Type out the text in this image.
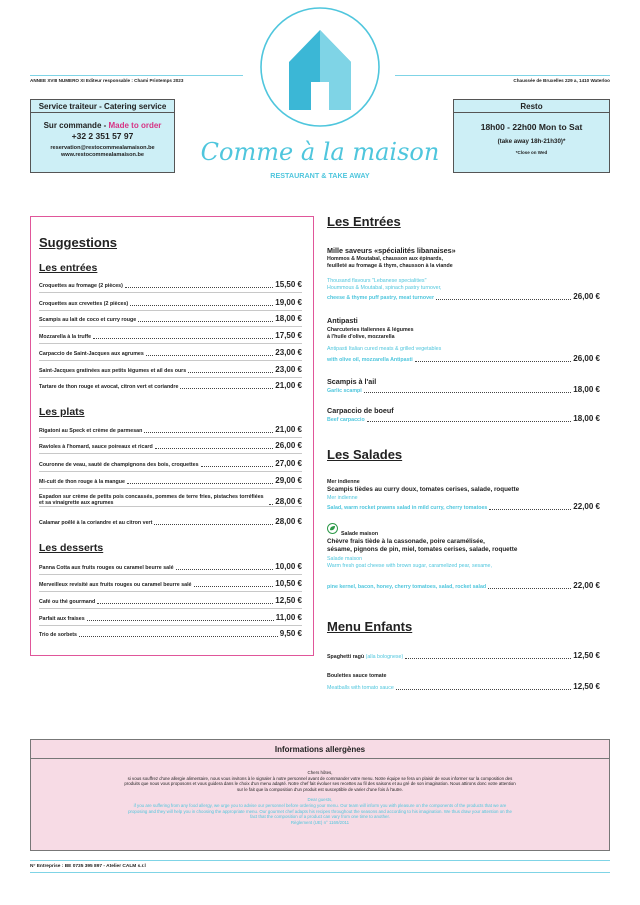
ANNEE XVIII NUMERO XI Editeur responsable : Chami Printemps 2023	Chaussée de Bruxelles 229 a, 1410 Waterloo
Service traiteur - Catering service
Sur commande - Made to order
+32 2 351 57 97
reservation@restocommealamaison.be
www.restocommealamaison.be
Resto
18h00 - 22h00 Mon to Sat
(take away 18h-21h30)*
*Close on Wed
Comme à la maison
RESTAURANT & TAKE AWAY
Suggestions
Les entrées
Croquettes au fromage (2 pièces)	15,50 €
Croquettes aux crevettes (2 pièces)	19,00 €
Scampis au lait de coco et curry rouge	18,00 €
Mozzarella à la truffe	17,50 €
Carpaccio de Saint-Jacques aux agrumes	23,00 €
Saint-Jacques gratinées aux petits légumes et ail des ours	23,00 €
Tartare de thon rouge et avocat, citron vert et coriandre	21,00 €
Les plats
Rigatoni au Speck et crème de parmesan	21,00 €
Ravioles à l'homard, sauce poireaux et ricard	26,00 €
Couronne de veau, sauté de champignons des bois, croquettes	27,00 €
Mi-cuit de thon rouge à la mangue	29,00 €
Espadon sur crème de petits pois concassés, pommes de terre fries, pistaches torréfiées et sa vinaigrette aux agrumes	28,00 €
Calamar poêlé à la coriandre et au citron vert	28,00 €
Les desserts
Panna Cotta aux fruits rouges ou caramel beurre salé	10,00 €
Merveilleux revisité aux fruits rouges ou caramel beurre salé	10,50 €
Café ou thé gourmand	12,50 €
Parfait aux fraises	11,00 €
Trio de sorbets	9,50 €
Les Entrées
Mille saveurs «spécialités libanaises»
Hommos & Moutabal, chausson aux épinards,
feuilleté au fromage & thym, chausson à la viande
Thousand flavours "Lebanese specialities"
Hoummous & Moutabal, spinach pastry turnover,
cheese & thyme puff pastry, meat turnover	26,00 €
Antipasti
Charcuteries italiennes & légumes
à l'huile d'olive, mozzarella
Antipasti Italian cured meats & grilled vegetables
with olive oil, mozzarella Antipasti	26,00 €
Scampis à l'ail
Garlic scampi	18,00 €
Carpaccio de boeuf
Beef carpaccio	18,00 €
Les Salades
Mer indienne
Scampis tièdes au curry doux, tomates cerises, salade, roquette
Mer indienne
Salad, warm rocket prawns salad in mild curry, cherry tomatoes	22,00 €
Salade maison
Chèvre frais tiède à la cassonade, poire caramélisée,
sésame, pignons de pin, miel, tomates cerises, salade, roquette
Salade maison
Warm fresh goat cheese with brown sugar, caramelized pear, sesame,
pine kernel, bacon, honey, cherry tomatoes, salad, rocket salad	22,00 €
Menu Enfants
Spaghetti ragù
(alla bolognese)	12,50 €
Boulettes sauce tomate
Meatballs with tomato sauce	12,50 €
Informations allergènes

Chers hôtes,

si vous souffrez d'une allergie alimentaire, nous vous invitons à le signaler à notre personnel avant de commander votre menu. Notre équipe se fera un plaisir de vous informer sur la composition des

produits que nous vous proposons et vous guidera dans le choix d'un menu adapté. Notre chef fait évoluer ses recettes au fil des saisons et au gré de son imagination. Nous attirons donc votre attention

sur le fait que la composition d'un produit est susceptible de varier d'une fois à l'autre.

Dear guests,

if you are suffering from any food allergy, we urge you to advise our personnel before ordering your menu. Our team will inform you with pleasure on the components of the products that we are

proposing and they will help you in choosing the appropriate menu. Our gourmet chef adapts his recipes throughout the seasons and according to his imagination. We thus draw your attention on the

fact that the composition of a product can vary from one time to another.

Règlement (UE) n° 1169/2011

N° Entreprise : BE 0735 395 897 - Atelier CALM s.r.l
